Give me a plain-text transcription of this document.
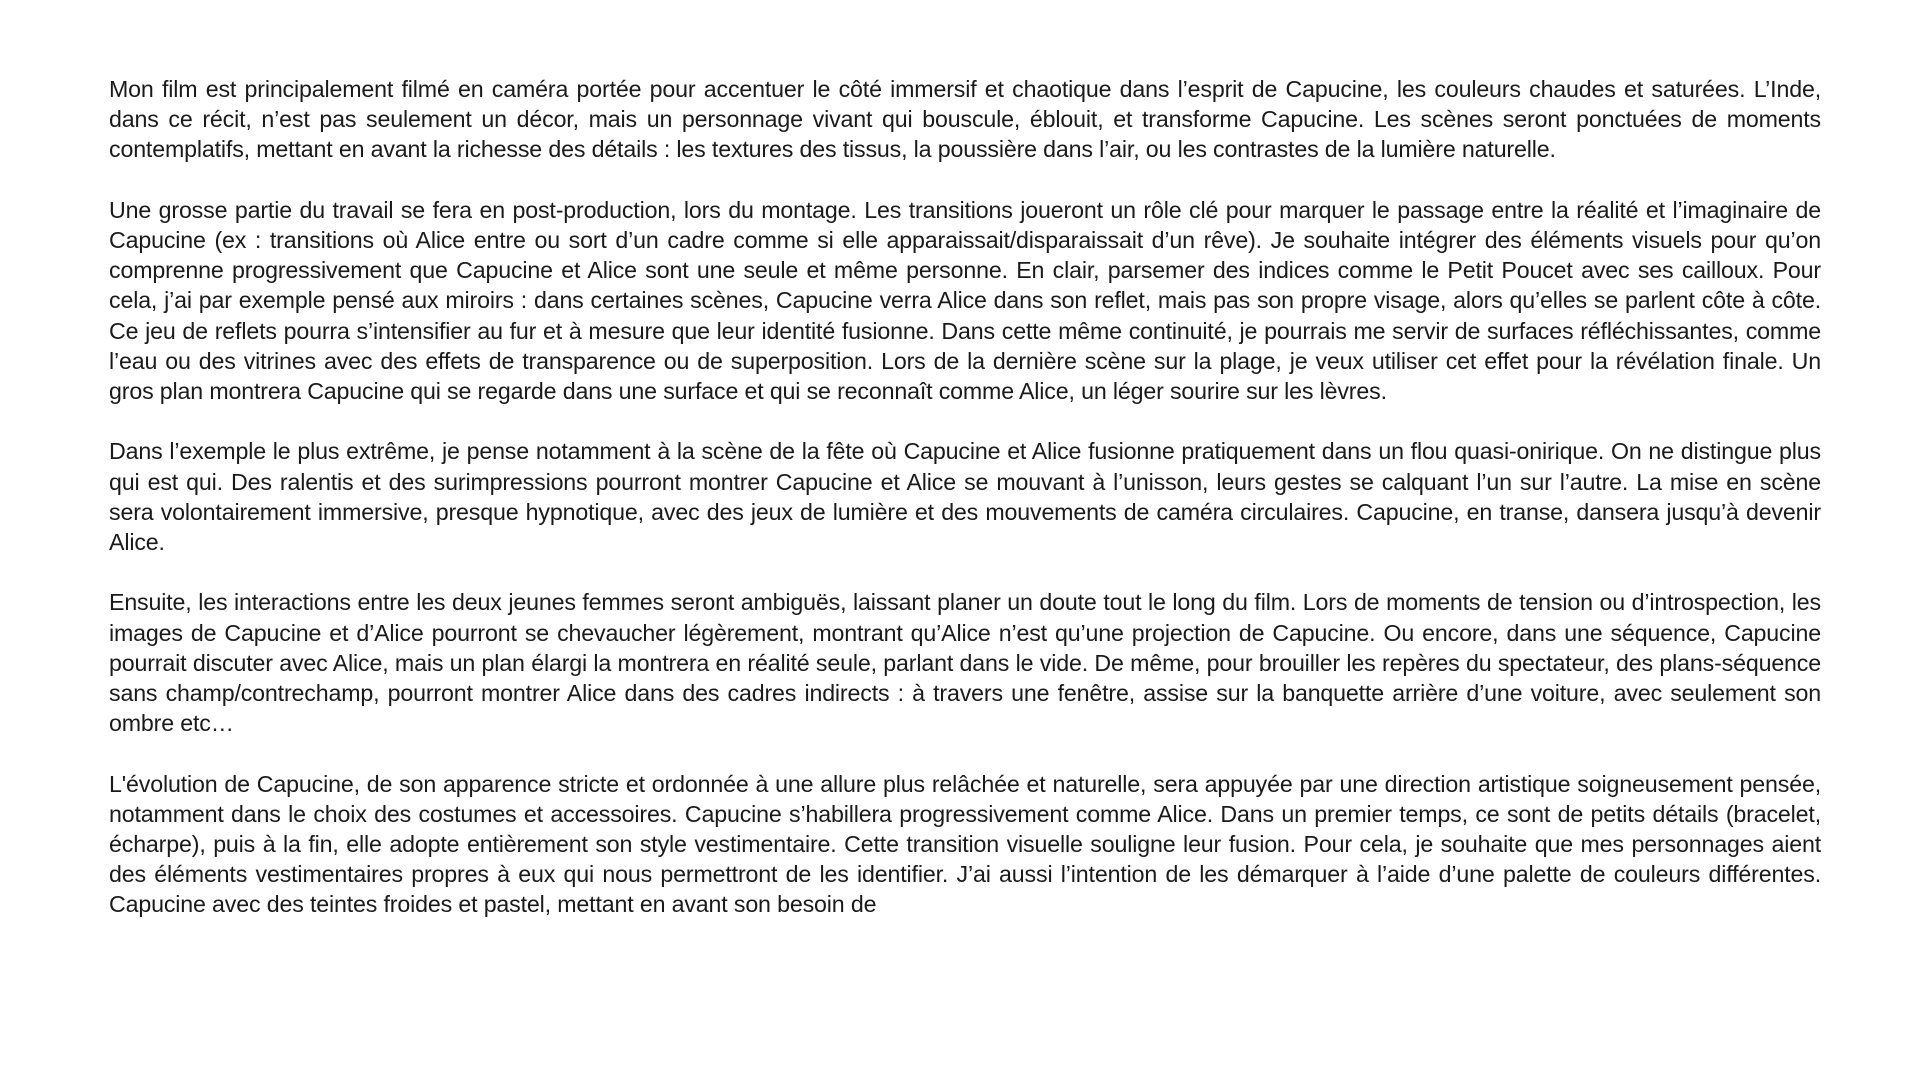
Mon film est principalement filmé en caméra portée pour accentuer le côté immersif et chaotique dans l’esprit de Capucine, les couleurs chaudes et saturées. L’Inde, dans ce récit, n’est pas seulement un décor, mais un personnage vivant qui bouscule, éblouit, et transforme Capucine. Les scènes seront ponctuées de moments contemplatifs, mettant en avant la richesse des détails : les textures des tissus, la poussière dans l’air, ou les contrastes de la lumière naturelle.

Une grosse partie du travail se fera en post-production, lors du montage. Les transitions joueront un rôle clé pour marquer le passage entre la réalité et l’imaginaire de Capucine (ex : transitions où Alice entre ou sort d’un cadre comme si elle apparaissait/disparaissait d’un rêve). Je souhaite intégrer des éléments visuels pour qu’on comprenne progressivement que Capucine et Alice sont une seule et même personne. En clair, parsemer des indices comme le Petit Poucet avec ses cailloux. Pour cela, j’ai par exemple pensé aux miroirs : dans certaines scènes, Capucine verra Alice dans son reflet, mais pas son propre visage, alors qu’elles se parlent côte à côte. Ce jeu de reflets pourra s’intensifier au fur et à mesure que leur identité fusionne. Dans cette même continuité, je pourrais me servir de surfaces réfléchissantes, comme l’eau ou des vitrines avec des effets de transparence ou de superposition. Lors de la dernière scène sur la plage, je veux utiliser cet effet pour la révélation finale. Un gros plan montrera Capucine qui se regarde dans une surface et qui se reconnaît comme Alice, un léger sourire sur les lèvres.

Dans l’exemple le plus extrême, je pense notamment à la scène de la fête où Capucine et Alice fusionne pratiquement dans un flou quasi-onirique. On ne distingue plus qui est qui. Des ralentis et des surimpressions pourront montrer Capucine et Alice se mouvant à l’unisson, leurs gestes se calquant l’un sur l’autre. La mise en scène sera volontairement immersive, presque hypnotique, avec des jeux de lumière et des mouvements de caméra circulaires. Capucine, en transe, dansera jusqu’à devenir Alice.

Ensuite, les interactions entre les deux jeunes femmes seront ambiguës, laissant planer un doute tout le long du film. Lors de moments de tension ou d’introspection, les images de Capucine et d’Alice pourront se chevaucher légèrement, montrant qu’Alice n’est qu’une projection de Capucine. Ou encore, dans une séquence, Capucine pourrait discuter avec Alice, mais un plan élargi la montrera en réalité seule, parlant dans le vide. De même, pour brouiller les repères du spectateur, des plans-séquence sans champ/contrechamp, pourront montrer Alice dans des cadres indirects : à travers une fenêtre, assise sur la banquette arrière d’une voiture, avec seulement son ombre etc…

L'évolution de Capucine, de son apparence stricte et ordonnée à une allure plus relâchée et naturelle, sera appuyée par une direction artistique soigneusement pensée, notamment dans le choix des costumes et accessoires. Capucine s’habillera progressivement comme Alice. Dans un premier temps, ce sont de petits détails (bracelet, écharpe), puis à la fin, elle adopte entièrement son style vestimentaire. Cette transition visuelle souligne leur fusion. Pour cela, je souhaite que mes personnages aient des éléments vestimentaires propres à eux qui nous permettront de les identifier. J’ai aussi l’intention de les démarquer à l’aide d’une palette de couleurs différentes. Capucine avec des teintes froides et pastel, mettant en avant son besoin de
